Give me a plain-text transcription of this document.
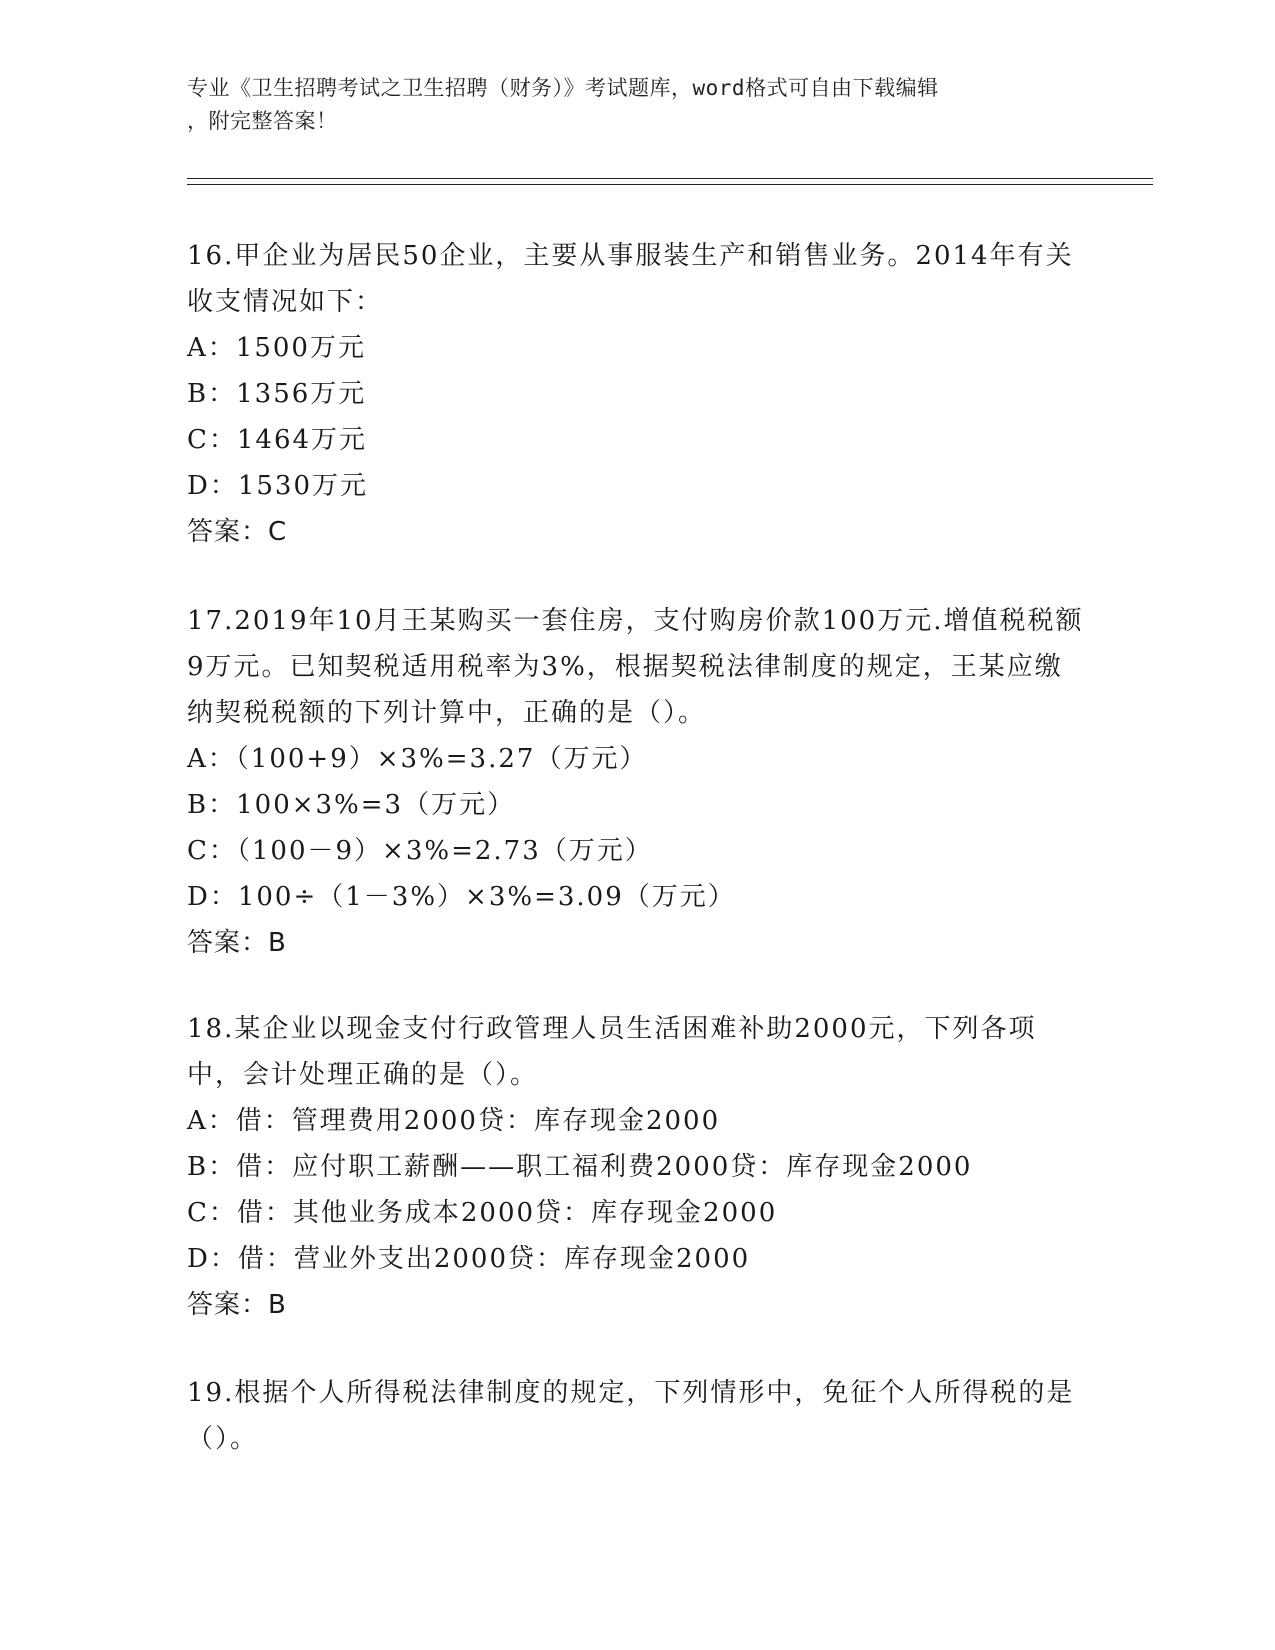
专业《卫生招聘考试之卫生招聘（财务）》考试题库，word格式可自由下载编辑
，附完整答案！
16.甲企业为居民50企业，主要从事服装生产和销售业务。2014年有关收支情况如下：
A：1500万元
B：1356万元
C：1464万元
D：1530万元
答案：C
17.2019年10月王某购买一套住房，支付购房价款100万元.增值税税额9万元。已知契税适用税率为3%，根据契税法律制度的规定，王某应缴纳契税税额的下列计算中，正确的是（）。
A：（100+9）×3%=3.27（万元）
B：100×3%=3（万元）
C：（100－9）×3%=2.73（万元）
D：100÷（1－3%）×3%=3.09（万元）
答案：B
18.某企业以现金支付行政管理人员生活困难补助2000元，下列各项中，会计处理正确的是（）。
A：借：管理费用2000贷：库存现金2000
B：借：应付职工薪酬——职工福利费2000贷：库存现金2000
C：借：其他业务成本2000贷：库存现金2000
D：借：营业外支出2000贷：库存现金2000
答案：B
19.根据个人所得税法律制度的规定，下列情形中，免征个人所得税的是（）。
